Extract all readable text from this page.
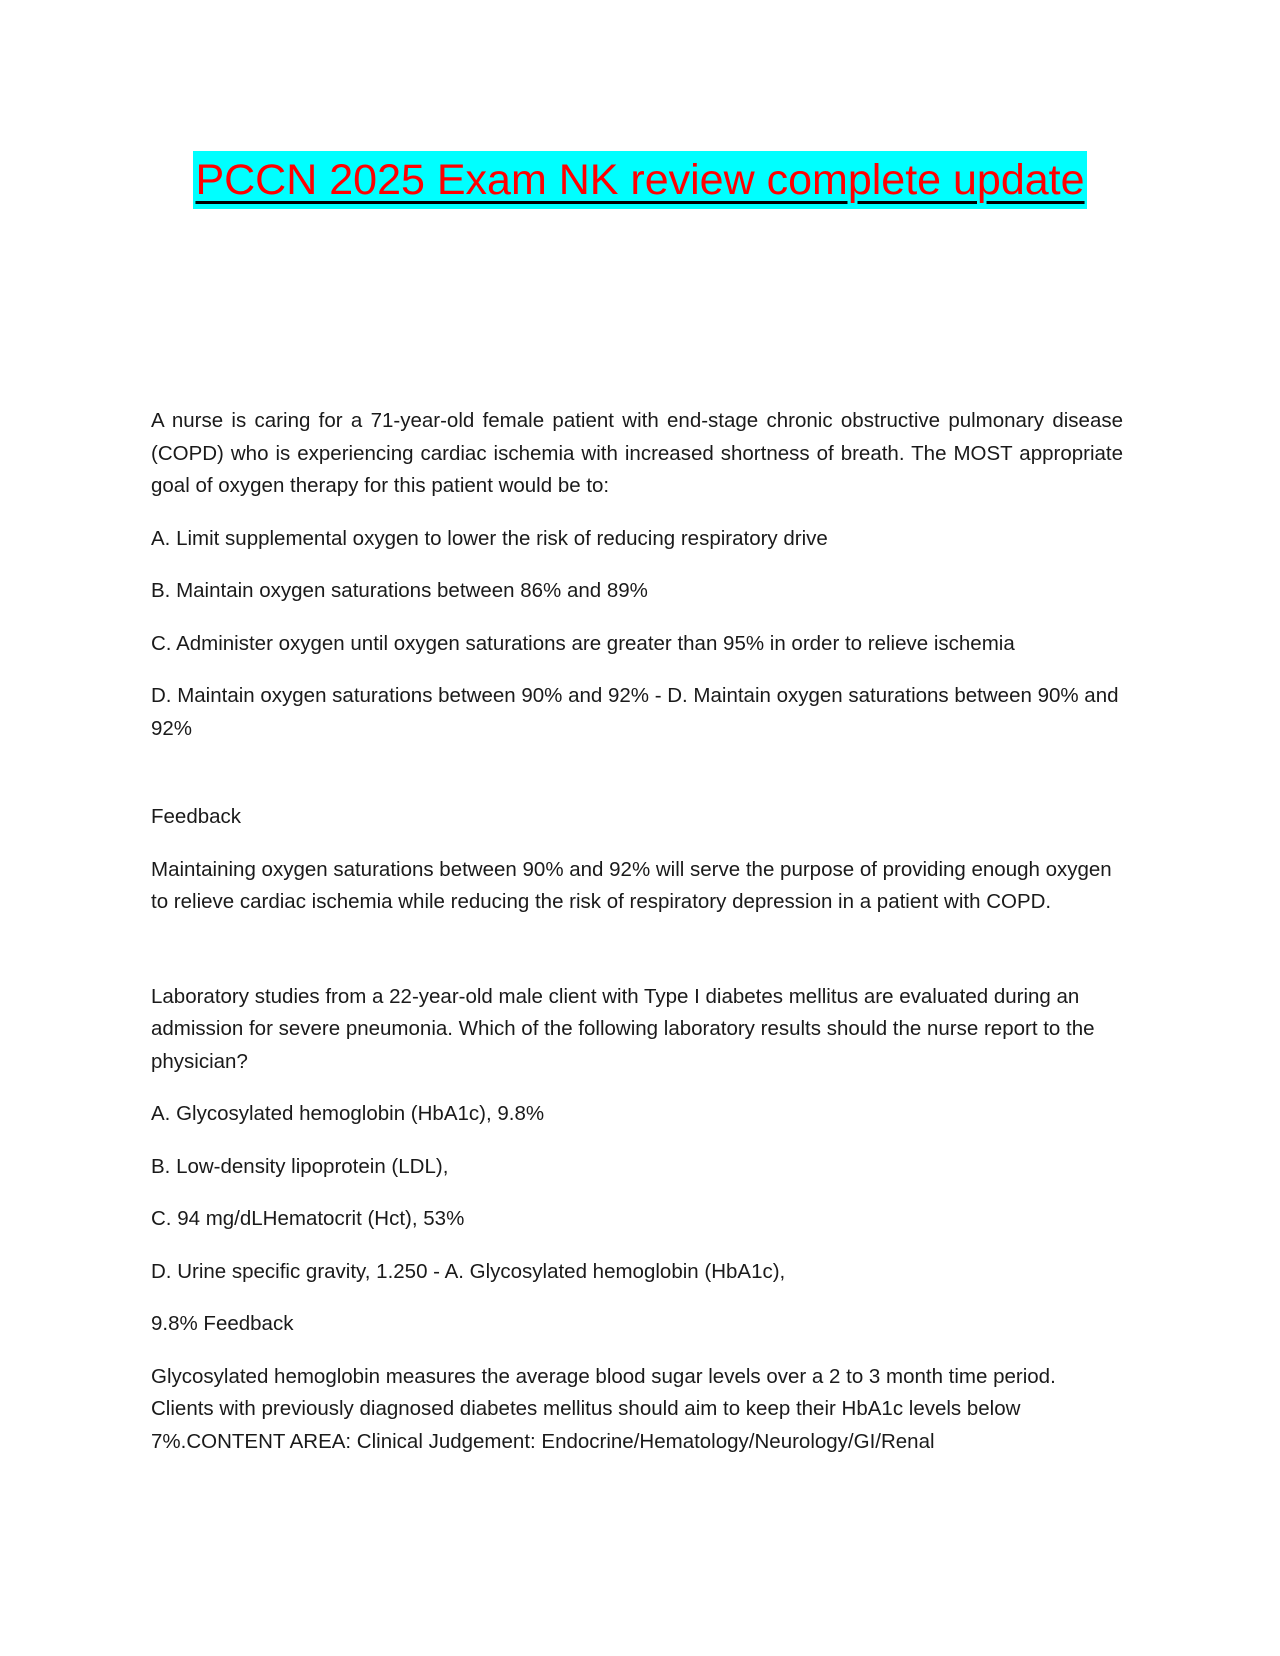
PCCN 2025 Exam NK review complete update

A nurse is caring for a 71-year-old female patient with end-stage chronic obstructive pulmonary disease (COPD) who is experiencing cardiac ischemia with increased shortness of breath. The MOST appropriate goal of oxygen therapy for this patient would be to:

A. Limit supplemental oxygen to lower the risk of reducing respiratory drive

B. Maintain oxygen saturations between 86% and 89%

C. Administer oxygen until oxygen saturations are greater than 95% in order to relieve ischemia

D. Maintain oxygen saturations between 90% and 92% - D. Maintain oxygen saturations between 90% and 92%

Feedback

Maintaining oxygen saturations between 90% and 92% will serve the purpose of providing enough oxygen to relieve cardiac ischemia while reducing the risk of respiratory depression in a patient with COPD.

Laboratory studies from a 22-year-old male client with Type I diabetes mellitus are evaluated during an admission for severe pneumonia. Which of the following laboratory results should the nurse report to the physician?

A. Glycosylated hemoglobin (HbA1c), 9.8%

B. Low-density lipoprotein (LDL),

C. 94 mg/dLHematocrit (Hct), 53%

D. Urine specific gravity, 1.250 - A. Glycosylated hemoglobin (HbA1c),

9.8% Feedback

Glycosylated hemoglobin measures the average blood sugar levels over a 2 to 3 month time period. Clients with previously diagnosed diabetes mellitus should aim to keep their HbA1c levels below 7%.CONTENT AREA: Clinical Judgement: Endocrine/Hematology/Neurology/GI/Renal
